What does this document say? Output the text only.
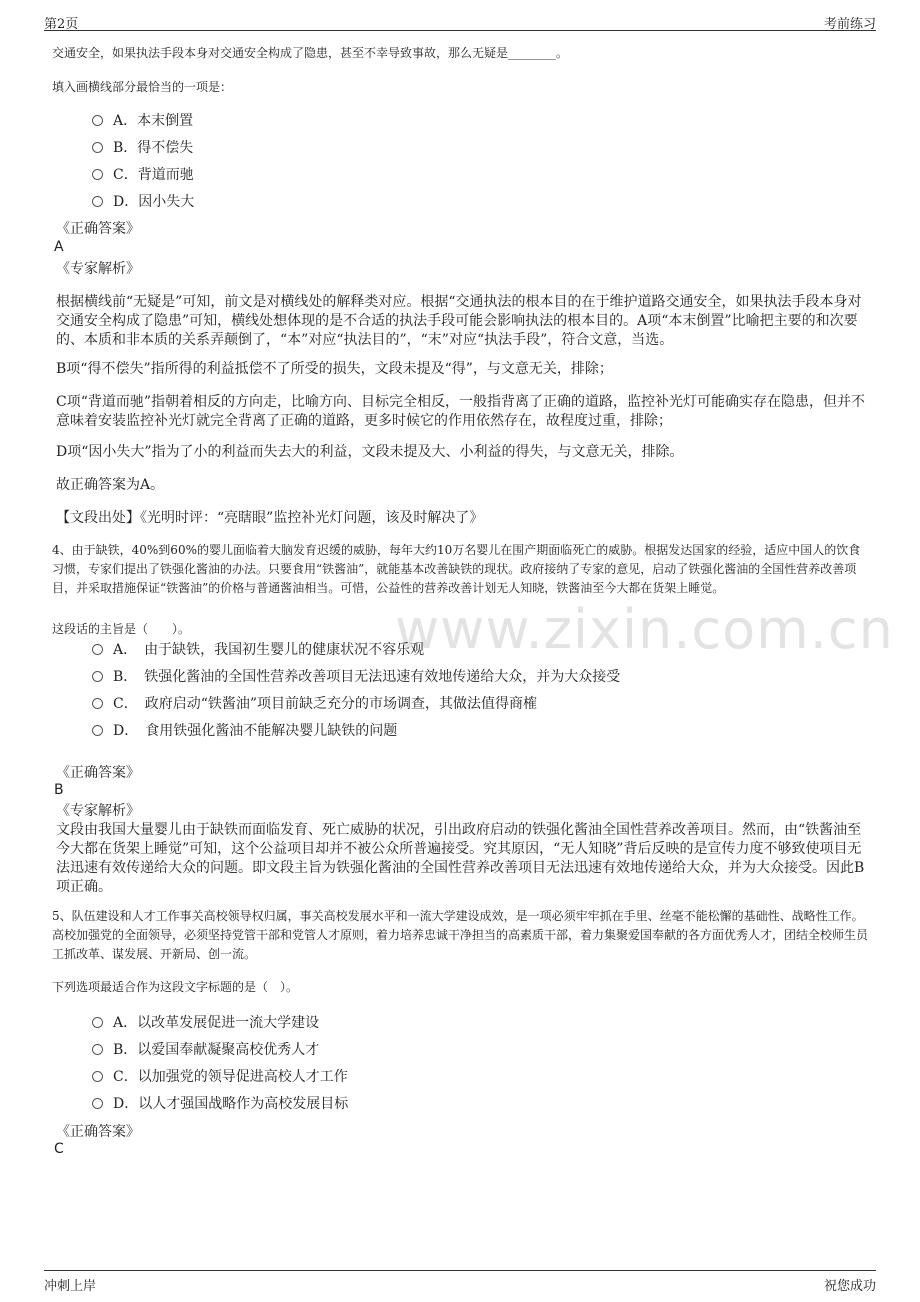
www.zixin.com.cn
第2页	考前练习
交通安全，如果执法手段本身对交通安全构成了隐患，甚至不幸导致事故，那么无疑是________。
填入画横线部分最恰当的一项是：
A．本末倒置
B．得不偿失
C．背道而驰
D．因小失大
《正确答案》
A
《专家解析》
根据横线前“无疑是”可知，前文是对横线处的解释类对应。根据“交通执法的根本目的在于维护道路交通安全，如果执法手段本身对交通安全构成了隐患”可知，横线处想体现的是不合适的执法手段可能会影响执法的根本目的。A项“本末倒置”比喻把主要的和次要的、本质和非本质的关系弄颠倒了，“本”对应“执法目的”，“末”对应“执法手段”，符合文意，当选。
B项“得不偿失”指所得的利益抵偿不了所受的损失，文段未提及“得”，与文意无关，排除；
C项“背道而驰”指朝着相反的方向走，比喻方向、目标完全相反，一般指背离了正确的道路，监控补光灯可能确实存在隐患，但并不意味着安装监控补光灯就完全背离了正确的道路，更多时候它的作用依然存在，故程度过重，排除；
D项“因小失大”指为了小的利益而失去大的利益，文段未提及大、小利益的得失，与文意无关，排除。
故正确答案为A。
【文段出处】《光明时评：“亮瞎眼”监控补光灯问题，该及时解决了》
4、由于缺铁，40%到60%的婴儿面临着大脑发育迟缓的威胁，每年大约10万名婴儿在围产期面临死亡的威胁。根据发达国家的经验，适应中国人的饮食习惯，专家们提出了铁强化酱油的办法。只要食用“铁酱油”，就能基本改善缺铁的现状。政府接纳了专家的意见，启动了铁强化酱油的全国性营养改善项目，并采取措施保证“铁酱油”的价格与普通酱油相当。可惜，公益性的营养改善计划无人知晓，铁酱油至今大都在货架上睡觉。
这段话的主旨是（　　）。
A．　由于缺铁，我国初生婴儿的健康状况不容乐观
B．　铁强化酱油的全国性营养改善项目无法迅速有效地传递给大众，并为大众接受
C．　政府启动“铁酱油”项目前缺乏充分的市场调查，其做法值得商榷
D．　食用铁强化酱油不能解决婴儿缺铁的问题
《正确答案》
B
《专家解析》
文段由我国大量婴儿由于缺铁而面临发育、死亡威胁的状况，引出政府启动的铁强化酱油全国性营养改善项目。然而，由“铁酱油至今大都在货架上睡觉”可知，这个公益项目却并不被公众所普遍接受。究其原因，“无人知晓”背后反映的是宣传力度不够致使项目无法迅速有效传递给大众的问题。即文段主旨为铁强化酱油的全国性营养改善项目无法迅速有效地传递给大众，并为大众接受。因此B项正确。
5、队伍建设和人才工作事关高校领导权归属，事关高校发展水平和一流大学建设成效，是一项必须牢牢抓在手里、丝毫不能松懈的基础性、战略性工作。高校加强党的全面领导，必须坚持党管干部和党管人才原则，着力培养忠诚干净担当的高素质干部，着力集聚爱国奉献的各方面优秀人才，团结全校师生员工抓改革、谋发展、开新局、创一流。
下列选项最适合作为这段文字标题的是（　）。
A．以改革发展促进一流大学建设
B．以爱国奉献凝聚高校优秀人才
C．以加强党的领导促进高校人才工作
D．以人才强国战略作为高校发展目标
《正确答案》
C
冲刺上岸	祝您成功
